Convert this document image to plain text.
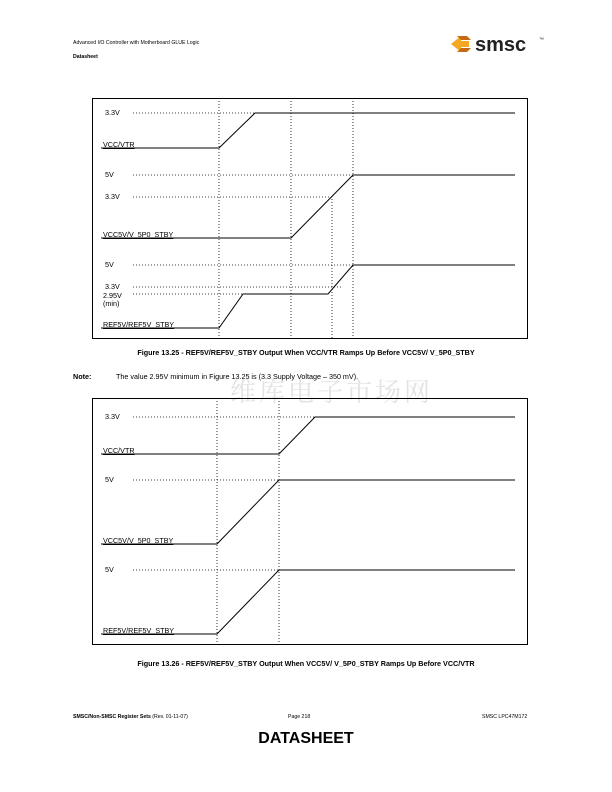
Advanced I/O Controller with Motherboard GLUE Logic
Datasheet
smsc	™
3.3V
VCC/VTR
5V
3.3V
VCC5V/V_5P0_STBY
5V
3.3V
2.95V
(min)
REF5V/REF5V_STBY
Figure 13.25 - REF5V/REF5V_STBY Output When VCC/VTR Ramps Up Before VCC5V/ V_5P0_STBY
Note:	The value 2.95V minimum in Figure 13.25 is (3.3 Supply Voltage – 350 mV).
维库电子市场网
3.3V
VCC/VTR
5V
VCC5V/V_5P0_STBY
5V
REF5V/REF5V_STBY
Figure 13.26 - REF5V/REF5V_STBY Output When VCC5V/ V_5P0_STBY Ramps Up Before VCC/VTR
SMSC/Non-SMSC Register Sets (Rev. 01-11-07)	Page 218	SMSC LPC47M172
DATASHEET
